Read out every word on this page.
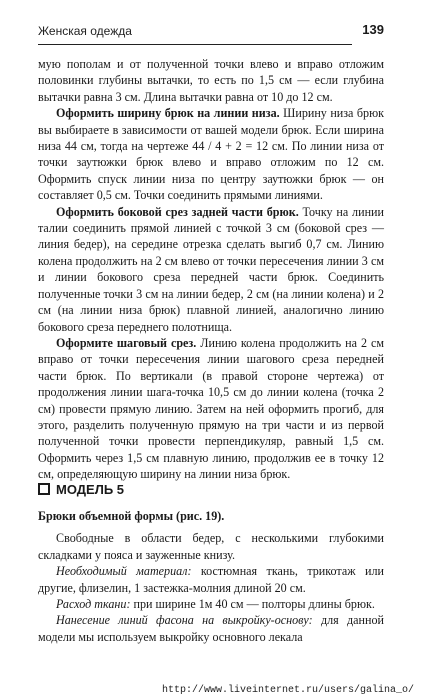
Женская одежда	139

мую пополам и от полученной точки влево и вправо отложим половинки глубины вытачки, то есть по 1,5 см — если глубина вытачки равна 3 см. Длина вытачки равна от 10 до 12 см.

Оформить ширину брюк на линии низа. Ширину низа брюк вы выбираете в зависимости от вашей модели брюк. Если ширина низа 44 см, тогда на чертеже 44 / 4 + 2 = 12 см. По линии низа от точки заутюжки брюк влево и вправо отложим по 12 см. Оформить спуск линии низа по центру заутюжки брюк — он составляет 0,5 см. Точки соединить прямыми линиями.

Оформить боковой срез задней части брюк. Точку на линии талии соединить прямой линией с точкой 3 см (боковой срез — линия бедер), на середине отрезка сделать выгиб 0,7 см. Линию колена продолжить на 2 см влево от точки пересечения линии 3 см и линии бокового среза передней части брюк. Соединить полученные точки 3 см на линии бедер, 2 см (на линии колена) и 2 см (на линии низа брюк) плавной линией, аналогично линию бокового среза переднего полотнища.

Оформите шаговый срез. Линию колена продолжить на 2 см вправо от точки пересечения линии шагового среза передней части брюк. По вертикали (в правой стороне чертежа) от продолжения линии шага-точка 10,5 см до линии колена (точка 2 см) провести прямую линию. Затем на ней оформить прогиб, для этого, разделить полученную прямую на три части и из первой полученной точки провести перпендикуляр, равный 1,5 см. Оформить через 1,5 см плавную линию, продолжив ее в точку 12 см, определяющую ширину на линии низа брюк.

МОДЕЛЬ 5

Брюки объемной формы (рис. 19).

Свободные в области бедер, с несколькими глубокими складками у пояса и зауженные книзу.

Необходимый материал: костюмная ткань, трикотаж или другие, флизелин, 1 застежка-молния длиной 20 см.

Расход ткани: при ширине 1м 40 см — полторы длины брюк.

Нанесение линий фасона на выкройку-основу: для данной модели мы используем выкройку основного лекала

http://www.liveinternet.ru/users/galina_o/
